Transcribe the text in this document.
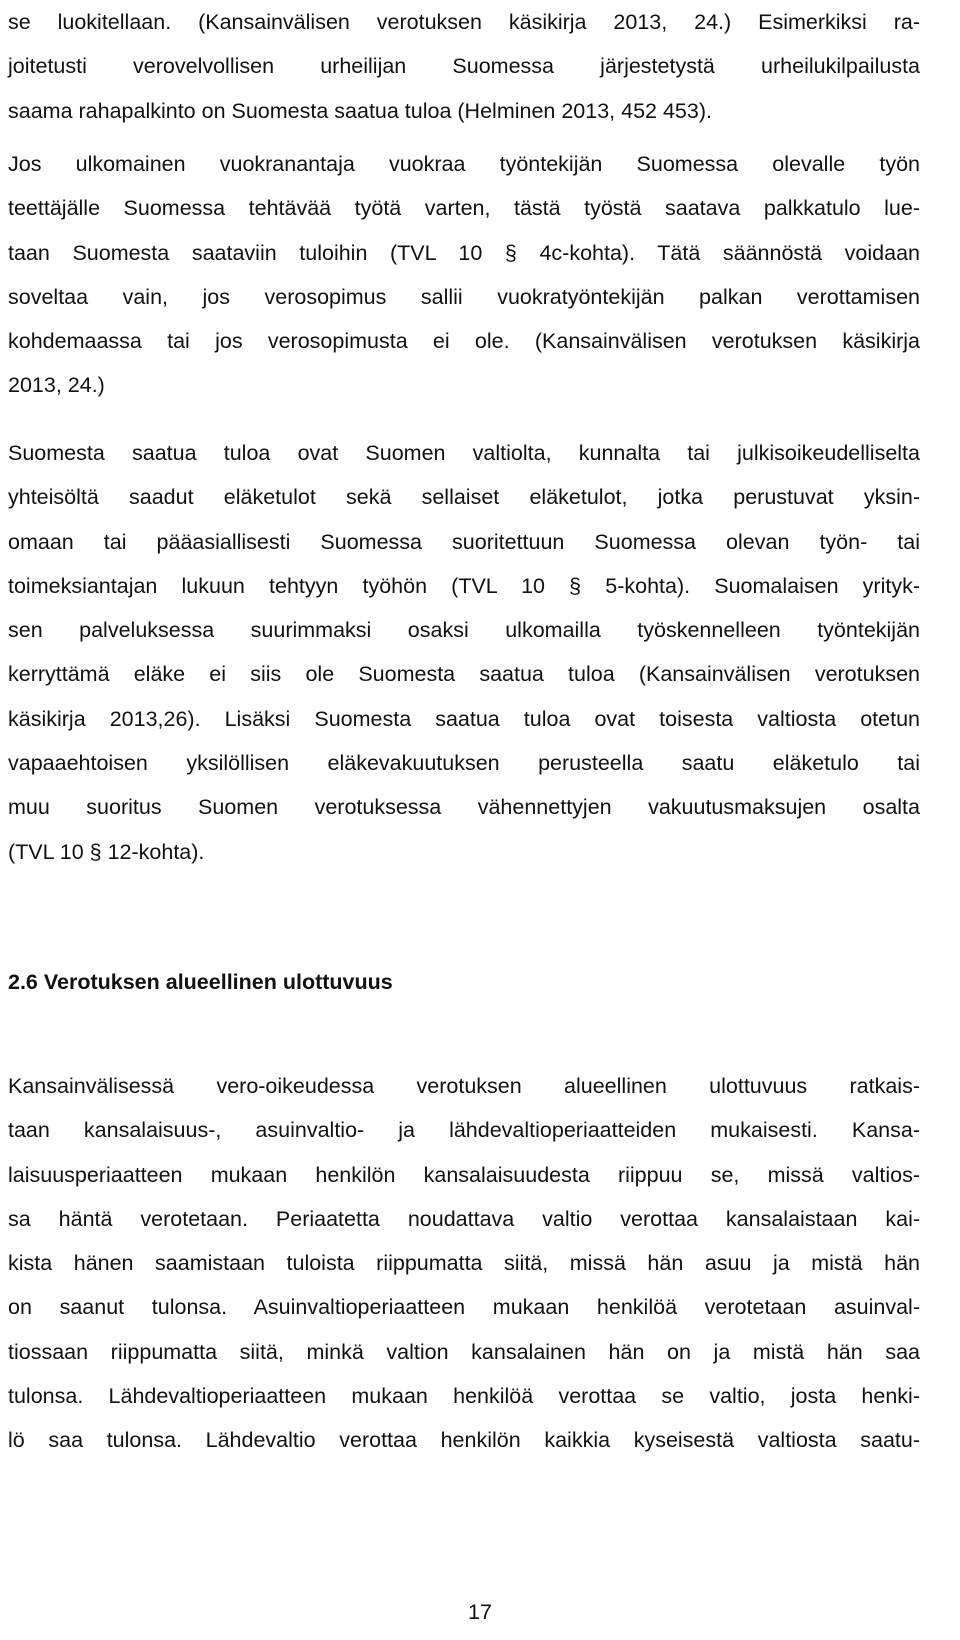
se luokitellaan. (Kansainvälisen verotuksen käsikirja 2013, 24.) Esimerkiksi ra-
joitetusti verovelvollisen urheilijan Suomessa järjestetystä urheilukilpailusta
saama rahapalkinto on Suomesta saatua tuloa (Helminen 2013, 452 453).

Jos ulkomainen vuokranantaja vuokraa työntekijän Suomessa olevalle työn
teettäjälle Suomessa tehtävää työtä varten, tästä työstä saatava palkkatulo lue-
taan Suomesta saataviin tuloihin (TVL 10 § 4c-kohta). Tätä säännöstä voidaan
soveltaa vain, jos verosopimus sallii vuokratyöntekijän palkan verottamisen
kohdemaassa tai jos verosopimusta ei ole. (Kansainvälisen verotuksen käsikirja
2013, 24.)

Suomesta saatua tuloa ovat Suomen valtiolta, kunnalta tai julkisoikeudelliselta
yhteisöltä saadut eläketulot sekä sellaiset eläketulot, jotka perustuvat yksin-
omaan tai pääasiallisesti Suomessa suoritettuun Suomessa olevan työn- tai
toimeksiantajan lukuun tehtyyn työhön (TVL 10 § 5-kohta). Suomalaisen yrityk-
sen palveluksessa suurimmaksi osaksi ulkomailla työskennelleen työntekijän
kerryttämä eläke ei siis ole Suomesta saatua tuloa (Kansainvälisen verotuksen
käsikirja 2013,26). Lisäksi Suomesta saatua tuloa ovat toisesta valtiosta otetun
vapaaehtoisen yksilöllisen eläkevakuutuksen perusteella saatu eläketulo tai
muu suoritus Suomen verotuksessa vähennettyjen vakuutusmaksujen osalta
(TVL 10 § 12-kohta).

2.6 Verotuksen alueellinen ulottuvuus

Kansainvälisessä vero-oikeudessa verotuksen alueellinen ulottuvuus ratkais-
taan kansalaisuus-, asuinvaltio- ja lähdevaltioperiaatteiden mukaisesti. Kansa-
laisuusperiaatteen mukaan henkilön kansalaisuudesta riippuu se, missä valtios-
sa häntä verotetaan. Periaatetta noudattava valtio verottaa kansalaistaan kai-
kista hänen saamistaan tuloista riippumatta siitä, missä hän asuu ja mistä hän
on saanut tulonsa. Asuinvaltioperiaatteen mukaan henkilöä verotetaan asuinval-
tiossaan riippumatta siitä, minkä valtion kansalainen hän on ja mistä hän saa
tulonsa. Lähdevaltioperiaatteen mukaan henkilöä verottaa se valtio, josta henki-
lö saa tulonsa. Lähdevaltio verottaa henkilön kaikkia kyseisestä valtiosta saatu-

17
